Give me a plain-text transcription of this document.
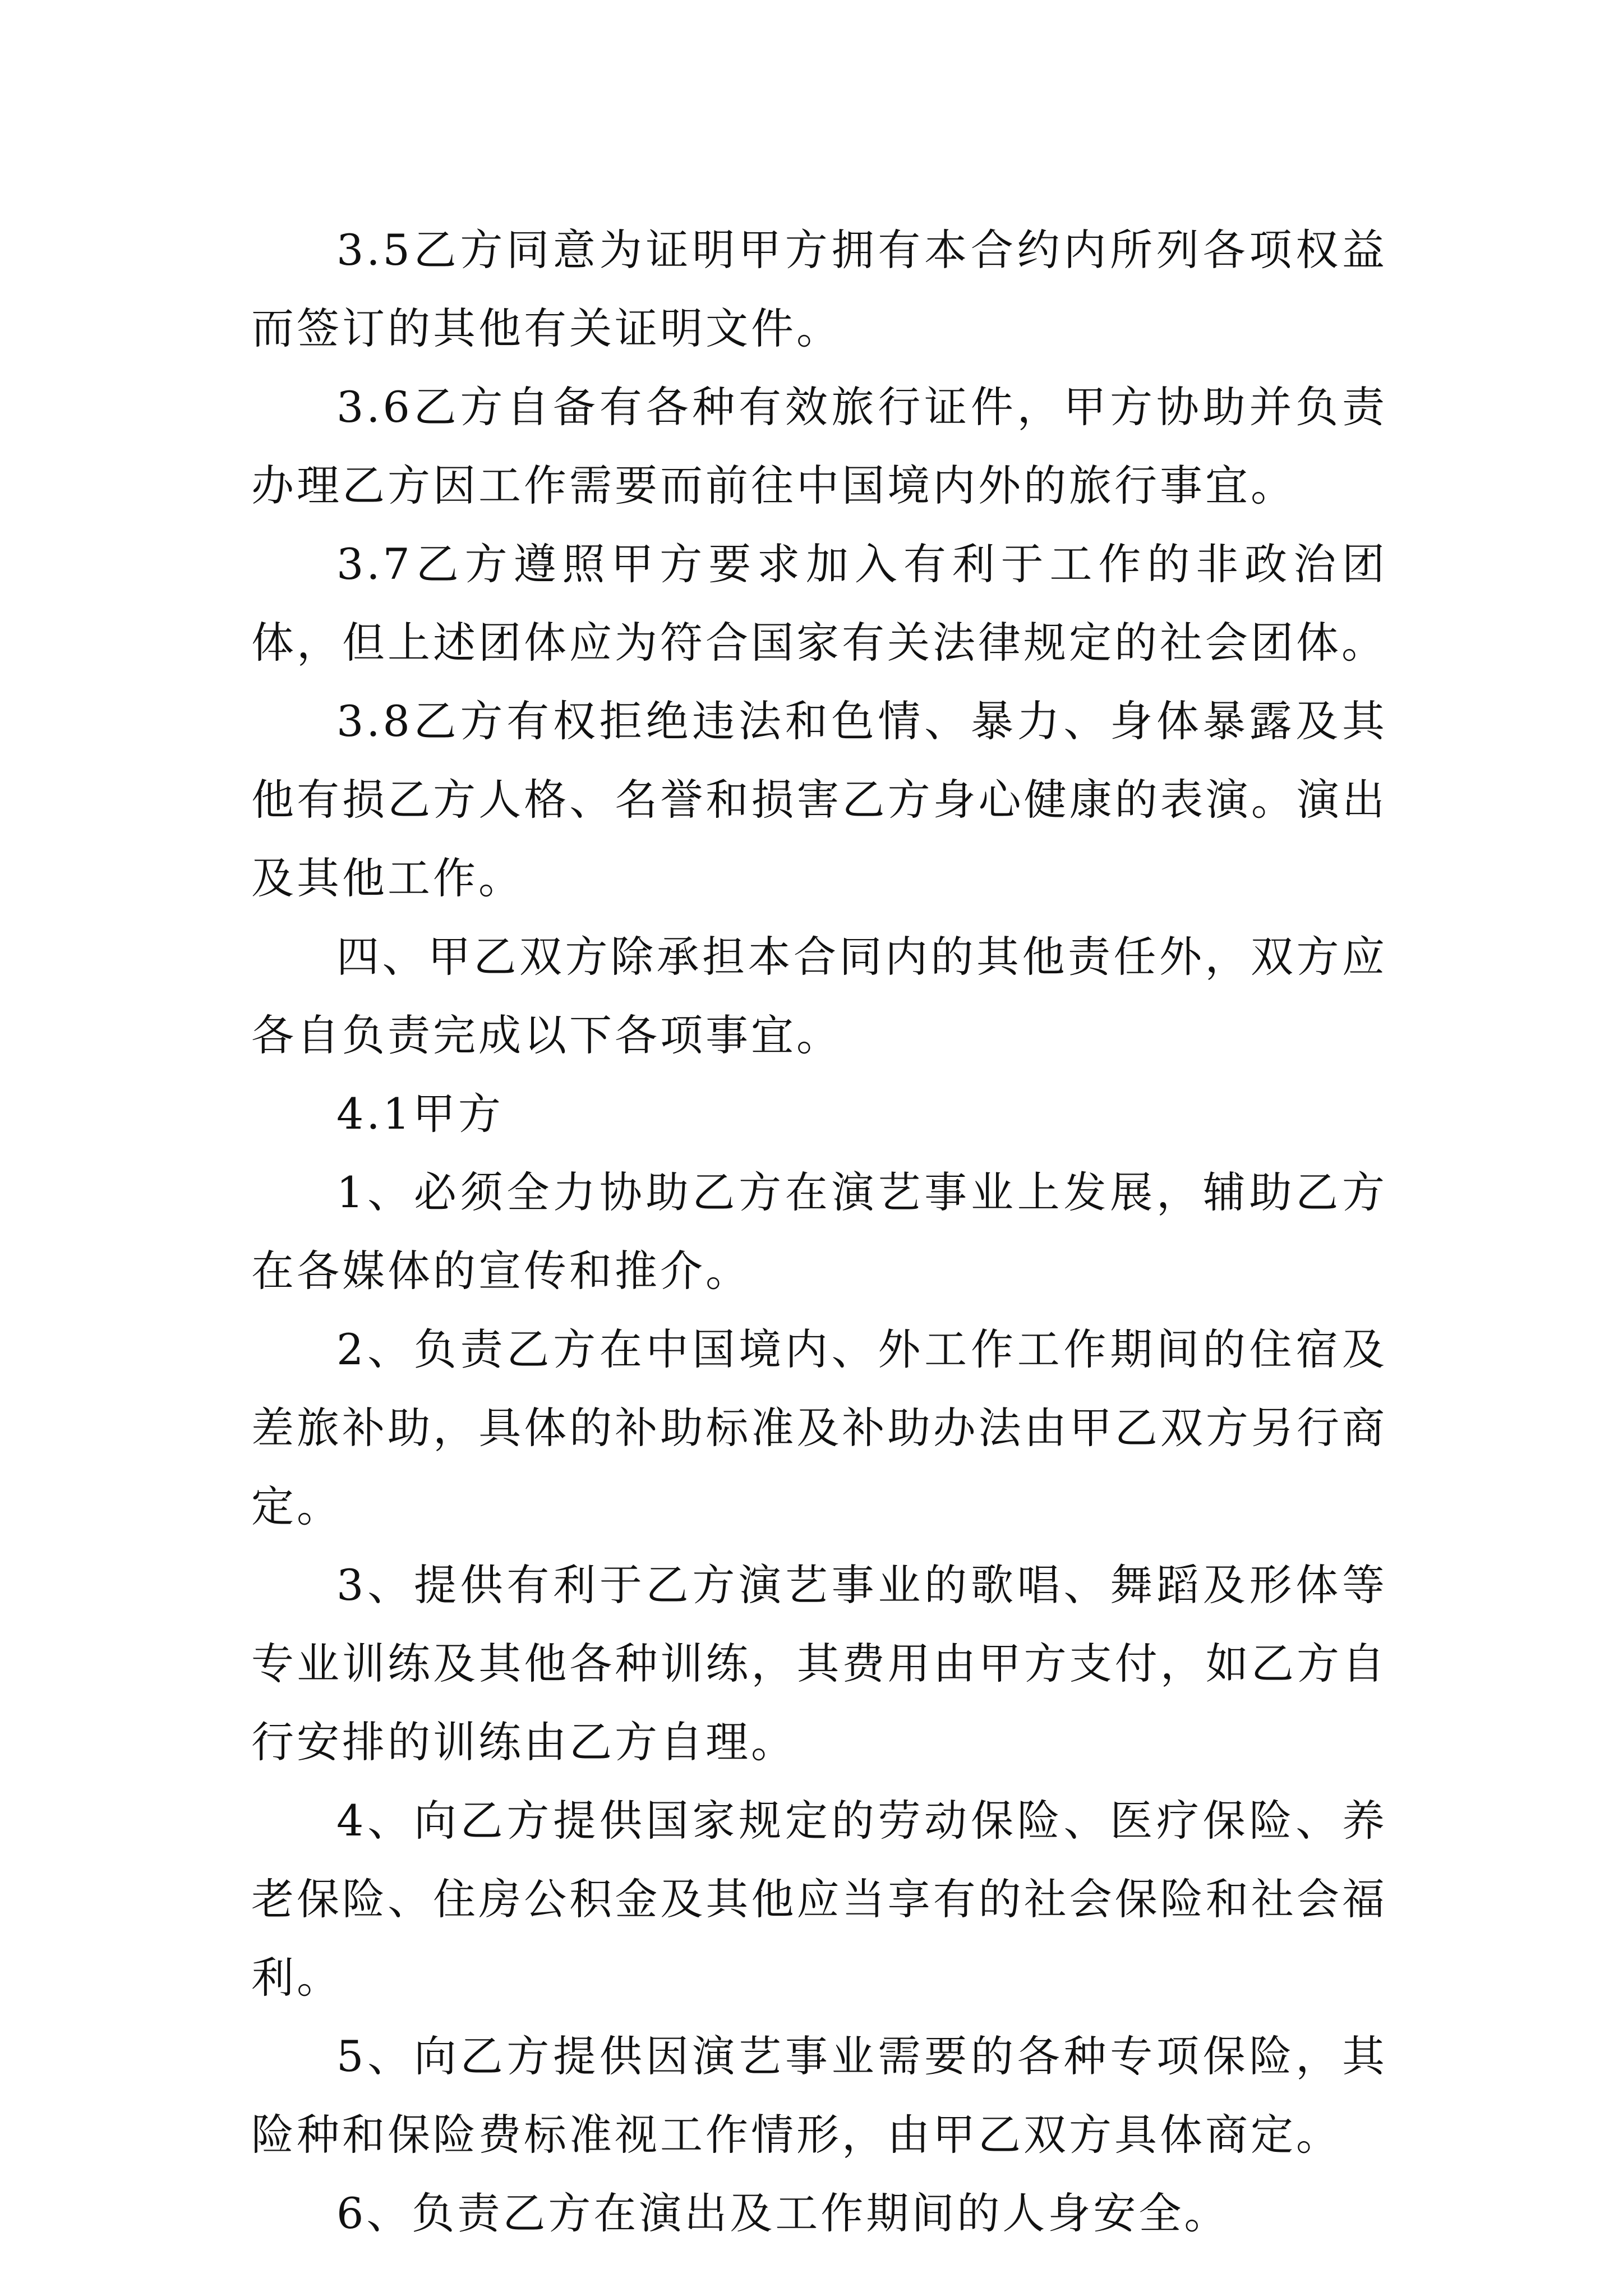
3.5乙方同意为证明甲方拥有本合约内所列各项权益而签订的其他有关证明文件。

3.6乙方自备有各种有效旅行证件，甲方协助并负责办理乙方因工作需要而前往中国境内外的旅行事宜。

3.7乙方遵照甲方要求加入有利于工作的非政治团体，但上述团体应为符合国家有关法律规定的社会团体。

3.8乙方有权拒绝违法和色情、暴力、身体暴露及其他有损乙方人格、名誉和损害乙方身心健康的表演。演出及其他工作。

四、甲乙双方除承担本合同内的其他责任外，双方应各自负责完成以下各项事宜。

4.1甲方

1、必须全力协助乙方在演艺事业上发展，辅助乙方在各媒体的宣传和推介。

2、负责乙方在中国境内、外工作工作期间的住宿及差旅补助，具体的补助标准及补助办法由甲乙双方另行商定。

3、提供有利于乙方演艺事业的歌唱、舞蹈及形体等专业训练及其他各种训练，其费用由甲方支付，如乙方自行安排的训练由乙方自理。

4、向乙方提供国家规定的劳动保险、医疗保险、养老保险、住房公积金及其他应当享有的社会保险和社会福利。

5、向乙方提供因演艺事业需要的各种专项保险，其险种和保险费标准视工作情形，由甲乙双方具体商定。

6、负责乙方在演出及工作期间的人身安全。
